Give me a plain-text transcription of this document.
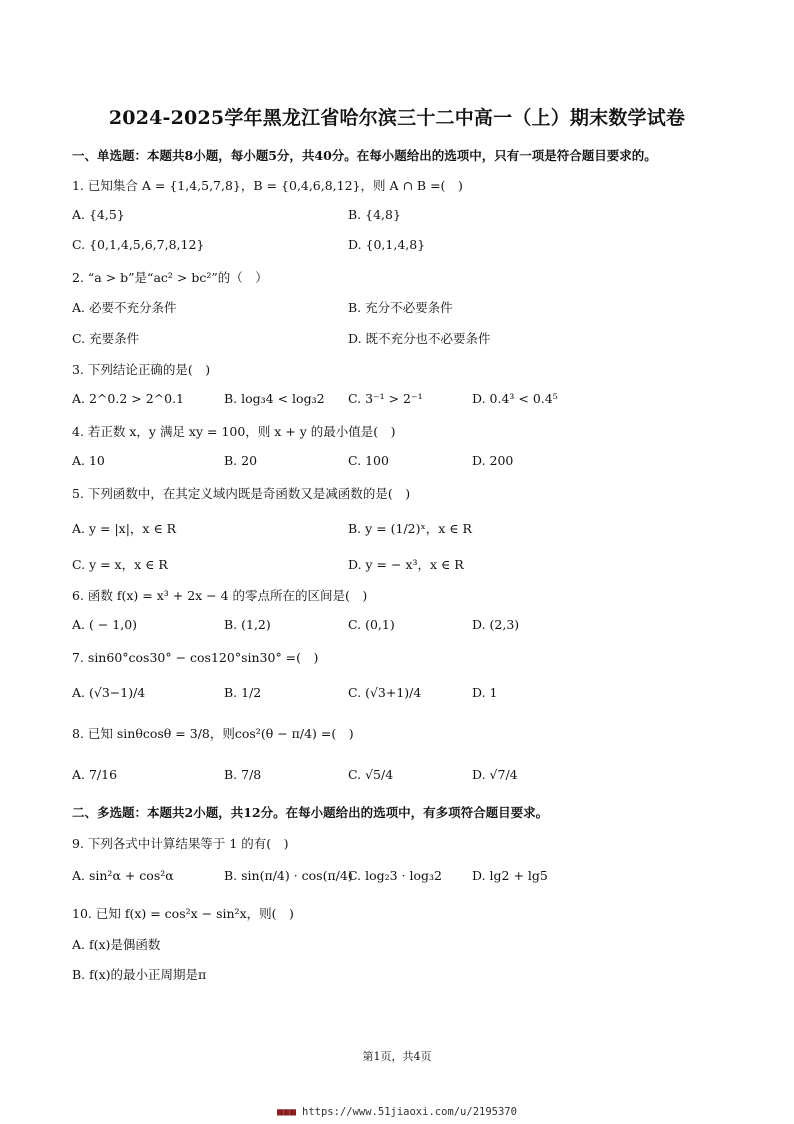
2024-2025学年黑龙江省哈尔滨三十二中高一（上）期末数学试卷
一、单选题：本题共8小题，每小题5分，共40分。在每小题给出的选项中，只有一项是符合题目要求的。
1. 已知集合 A = {1,4,5,7,8}，B = {0,4,6,8,12}，则 A ∩ B =(　)
A. {4,5}	B. {4,8}
C. {0,1,4,5,6,7,8,12}	D. {0,1,4,8}
2. “a > b”是“ac² > bc²”的（　）
A. 必要不充分条件	B. 充分不必要条件
C. 充要条件	D. 既不充分也不必要条件
3. 下列结论正确的是(　)
A. 2^0.2 > 2^0.1	B. log₃4 < log₃2 C. 3⁻¹ > 2⁻¹	D. 0.4³ < 0.4⁵
4. 若正数 x，y 满足 xy = 100，则 x + y 的最小值是(　)
A. 10	B. 20	C. 100	D. 200
5. 下列函数中，在其定义域内既是奇函数又是减函数的是(　)
A. y = |x|，x ∈ R	B. y = (1/2)ˣ，x ∈ R
C. y = x，x ∈ R	D. y = − x³，x ∈ R
6. 函数 f(x) = x³ + 2x − 4 的零点所在的区间是(　)
A. ( − 1,0)	B. (1,2)	C. (0,1)	D. (2,3)
7. sin60°cos30° − cos120°sin30° =(　)
A. (√3−1)/4	B. 1/2	C. (√3+1)/4	D. 1
8. 已知 sinθcosθ = 3/8，则cos²(θ − π/4) =(　)
A. 7/16	B. 7/8	C. √5/4	D. √7/4
二、多选题：本题共2小题，共12分。在每小题给出的选项中，有多项符合题目要求。
9. 下列各式中计算结果等于 1 的有(　)
A. sin²α + cos²α	B. sin(π/4) · cos(π/4)
C. log₂3 · log₃2 D. lg2 + lg5
10. 已知 f(x) = cos²x − sin²x，则(　)
A. f(x)是偶函数
B. f(x)的最小正周期是π
第1页，共4页
■■■ https://www.51jiaoxi.com/u/2195370
